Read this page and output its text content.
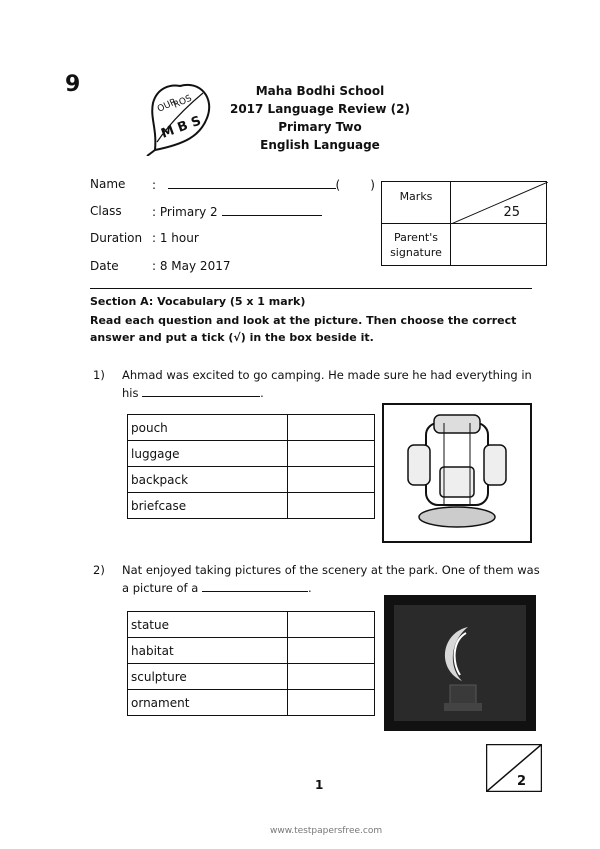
9
OUR
ROS
M B S
Maha Bodhi School
2017 Language Review (2)
Primary Two
English Language
Name	:	(	)
Class	: Primary 2
Duration : 1 hour
Date	: 8 May 2017
Marks	25

Parent's signature	
Section A: Vocabulary (5 x 1 mark)
Read each question and look at the picture. Then choose the correct answer and put a tick (√) in the box beside it.
1) Ahmad was excited to go camping. He made sure he had everything in his	.
pouch	
luggage	
backpack	
briefcase	
2) Nat enjoyed taking pictures of the scenery at the park. One of them was a picture of a	.
statue	
habitat	
sculpture	
ornament	
1	2
www.testpapersfree.com
